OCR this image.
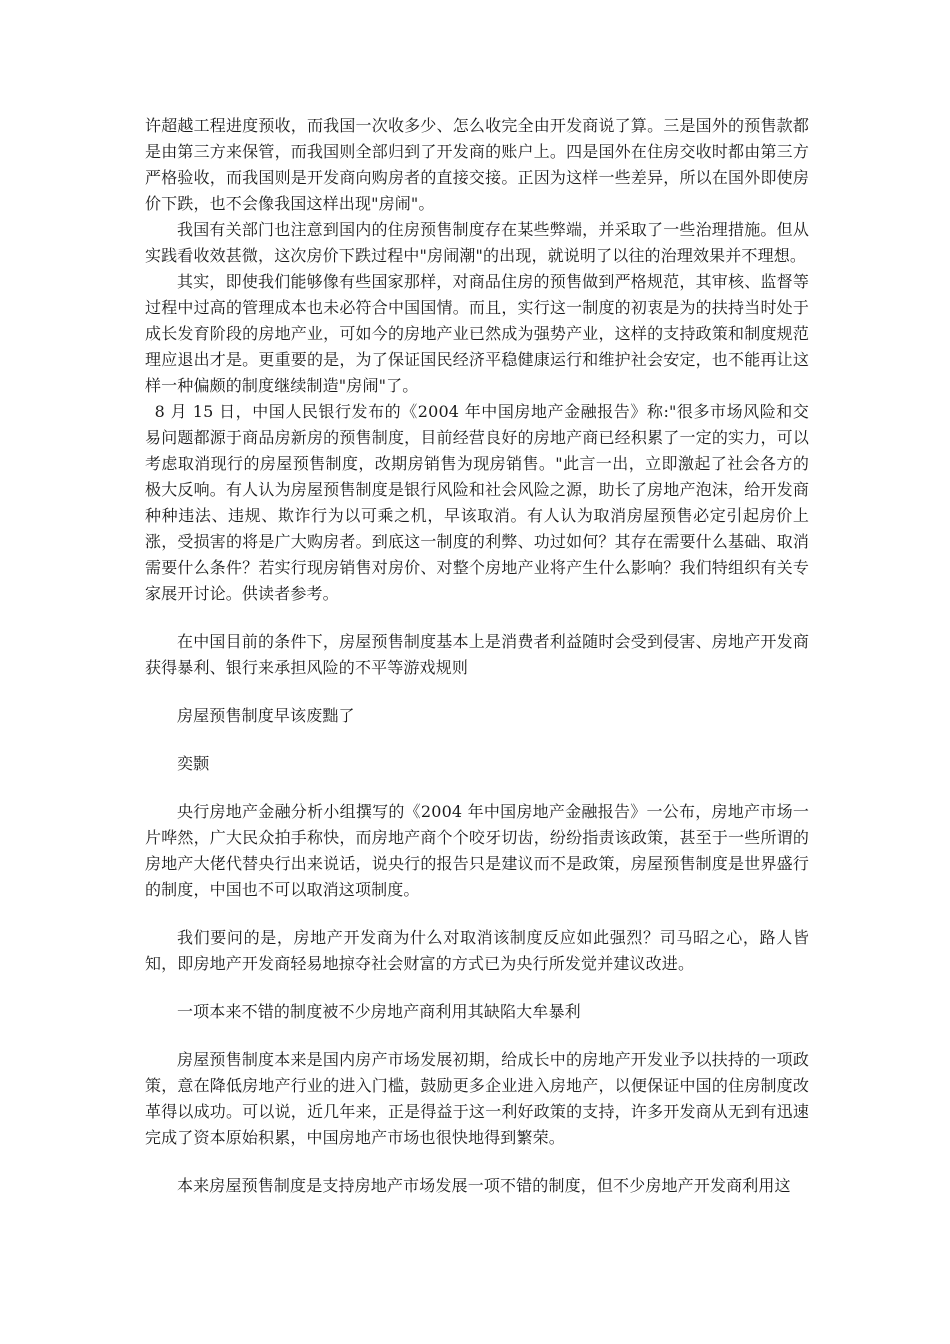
许超越工程进度预收，而我国一次收多少、怎么收完全由开发商说了算。三是国外的预售款都是由第三方来保管，而我国则全部归到了开发商的账户上。四是国外在住房交收时都由第三方严格验收，而我国则是开发商向购房者的直接交接。正因为这样一些差异，所以在国外即使房价下跌，也不会像我国这样出现"房闹"。

我国有关部门也注意到国内的住房预售制度存在某些弊端，并采取了一些治理措施。但从实践看收效甚微，这次房价下跌过程中"房闹潮"的出现，就说明了以往的治理效果并不理想。

其实，即使我们能够像有些国家那样，对商品住房的预售做到严格规范，其审核、监督等过程中过高的管理成本也未必符合中国国情。而且，实行这一制度的初衷是为的扶持当时处于成长发育阶段的房地产业，可如今的房地产业已然成为强势产业，这样的支持政策和制度规范理应退出才是。更重要的是，为了保证国民经济平稳健康运行和维护社会安定，也不能再让这样一种偏颇的制度继续制造"房闹"了。

8 月 15 日，中国人民银行发布的《2004 年中国房地产金融报告》称:"很多市场风险和交易问题都源于商品房新房的预售制度，目前经营良好的房地产商已经积累了一定的实力，可以考虑取消现行的房屋预售制度，改期房销售为现房销售。"此言一出，立即激起了社会各方的极大反响。有人认为房屋预售制度是银行风险和社会风险之源，助长了房地产泡沫，给开发商种种违法、违规、欺诈行为以可乘之机，早该取消。有人认为取消房屋预售必定引起房价上涨，受损害的将是广大购房者。到底这一制度的利弊、功过如何？其存在需要什么基础、取消需要什么条件？若实行现房销售对房价、对整个房地产业将产生什么影响？我们特组织有关专家展开讨论。供读者参考。

在中国目前的条件下，房屋预售制度基本上是消费者利益随时会受到侵害、房地产开发商获得暴利、银行来承担风险的不平等游戏规则

房屋预售制度早该废黜了

奕颢

央行房地产金融分析小组撰写的《2004 年中国房地产金融报告》一公布，房地产市场一片哗然，广大民众拍手称快，而房地产商个个咬牙切齿，纷纷指责该政策，甚至于一些所谓的房地产大佬代替央行出来说话，说央行的报告只是建议而不是政策，房屋预售制度是世界盛行的制度，中国也不可以取消这项制度。

我们要问的是，房地产开发商为什么对取消该制度反应如此强烈？司马昭之心，路人皆知，即房地产开发商轻易地掠夺社会财富的方式已为央行所发觉并建议改进。

一项本来不错的制度被不少房地产商利用其缺陷大牟暴利

房屋预售制度本来是国内房产市场发展初期，给成长中的房地产开发业予以扶持的一项政策，意在降低房地产行业的进入门槛，鼓励更多企业进入房地产，以便保证中国的住房制度改革得以成功。可以说，近几年来，正是得益于这一利好政策的支持，许多开发商从无到有迅速完成了资本原始积累，中国房地产市场也很快地得到繁荣。

本来房屋预售制度是支持房地产市场发展一项不错的制度，但不少房地产开发商利用这
